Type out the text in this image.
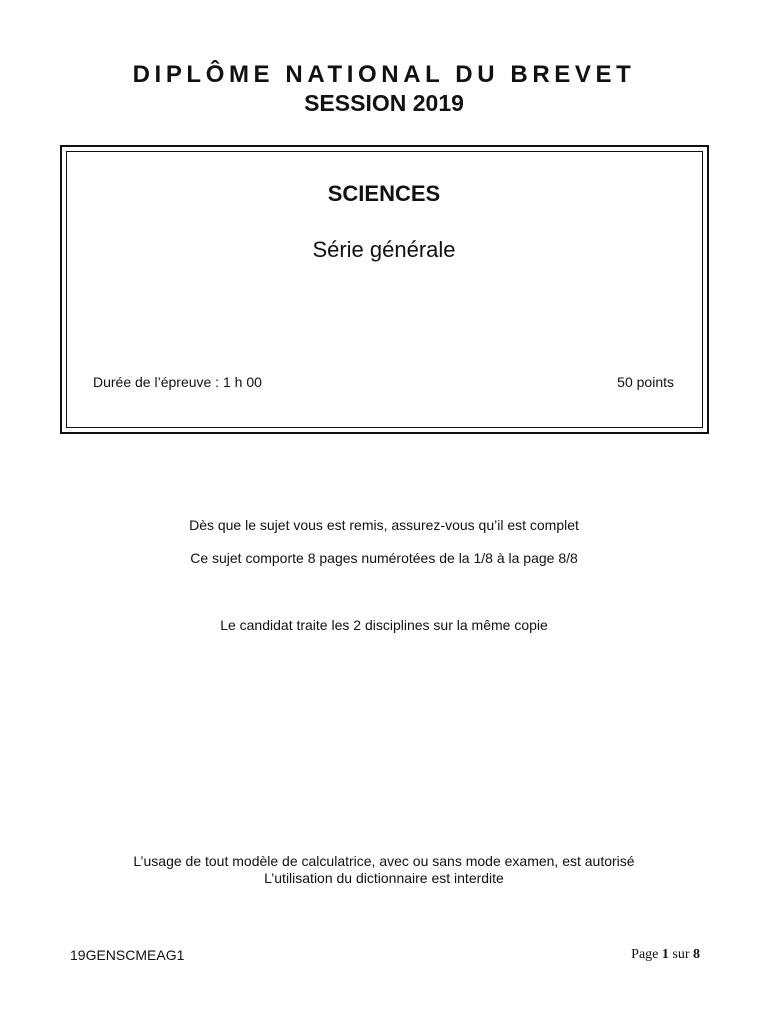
DIPLÔME NATIONAL DU BREVET
SESSION 2019
SCIENCES
Série générale
Durée de l’épreuve : 1 h 00	50 points
Dès que le sujet vous est remis, assurez-vous qu’il est complet
Ce sujet comporte 8 pages numérotées de la 1/8 à la page 8/8
Le candidat traite les 2 disciplines sur la même copie
L’usage de tout modèle de calculatrice, avec ou sans mode examen, est autorisé
L’utilisation du dictionnaire est interdite
19GENSCMEAG1	Page 1 sur 8
